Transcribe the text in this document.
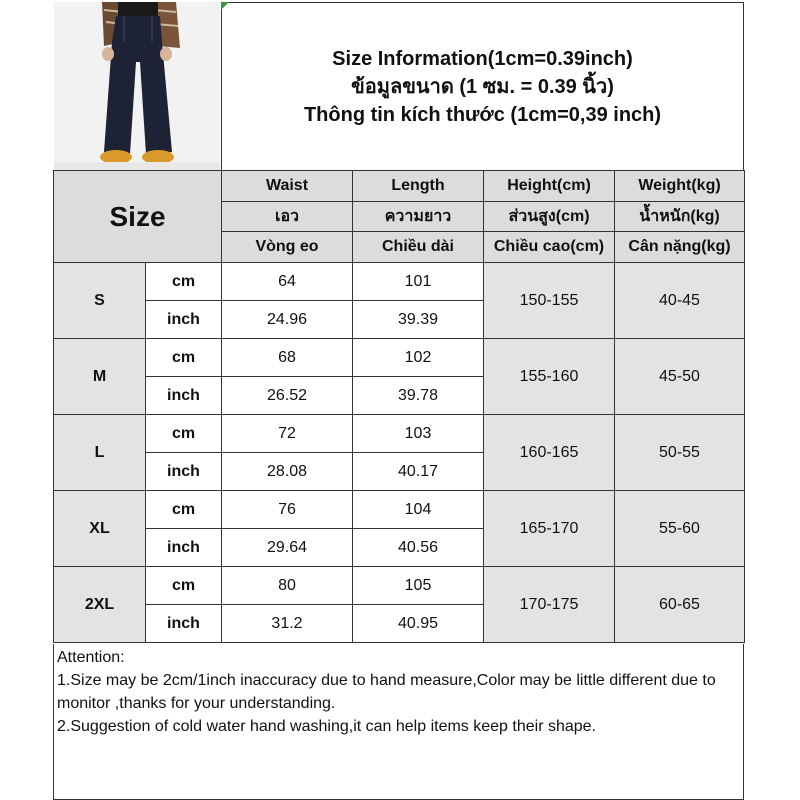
Size Information(1cm=0.39inch)
ข้อมูลขนาด (1 ซม. = 0.39 นิ้ว)
Thông tin kích thước (1cm=0,39 inch)
Size		Waist	Length	Height(cm)	Weight(kg)
		เอว	ความยาว	ส่วนสูง(cm)	น้ำหนัก(kg)
		Vòng eo	Chiều dài	Chiều cao(cm)	Cân nặng(kg)
S	cm	64	101	150-155	40-45
	inch	24.96	39.39		
M	cm	68	102	155-160	45-50
	inch	26.52	39.78		
L	cm	72	103	160-165	50-55
	inch	28.08	40.17		
XL	cm	76	104	165-170	55-60
	inch	29.64	40.56		
2XL	cm	80	105	170-175	60-65
	inch	31.2	40.95		
Attention:
1.Size may be 2cm/1inch inaccuracy due to hand measure,Color may be little different due to monitor ,thanks for your understanding.
2.Suggestion of cold water hand washing,it can help items keep their shape.
